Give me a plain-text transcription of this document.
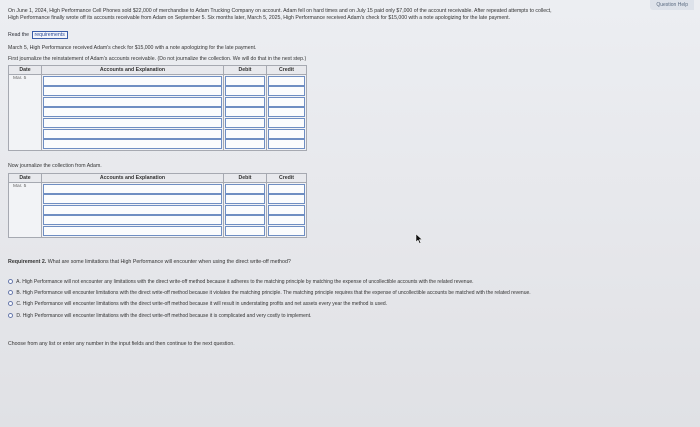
Question Help
On June 1, 2024, High Performance Cell Phones sold $22,000 of merchandise to Adam Trucking Company on account. Adam fell on hard times and on July 15 paid only $7,000 of the account receivable. After repeated attempts to collect,
High Performance finally wrote off its accounts receivable from Adam on September 5. Six months later, March 5, 2025, High Performance received Adam's check for $15,000 with a note apologizing for the late payment.
Read the requirements
March 5, High Performance received Adam's check for $15,000 with a note apologizing for the late payment.
First journalize the reinstatement of Adam's accounts receivable. (Do not journalize the collection. We will do that in the next step.)
Date	Accounts and Explanation	Debit	Credit
Mar. 5	

Now journalize the collection from Adam.
Date	Accounts and Explanation	Debit	Credit
Mar. 5	

Requirement 2. What are some limitations that High Performance will encounter when using the direct write-off method?
A. High Performance will not encounter any limitations with the direct write-off method because it adheres to the matching principle by matching the expense of uncollectible accounts with the related revenue.
B. High Performance will encounter limitations with the direct write-off method because it violates the matching principle. The matching principle requires that the expense of uncollectible accounts be matched with the related revenue.
C. High Performance will encounter limitations with the direct write-off method because it will result in understating profits and net assets every year the method is used.
D. High Performance will encounter limitations with the direct write-off method because it is complicated and very costly to implement.
Choose from any list or enter any number in the input fields and then continue to the next question.
